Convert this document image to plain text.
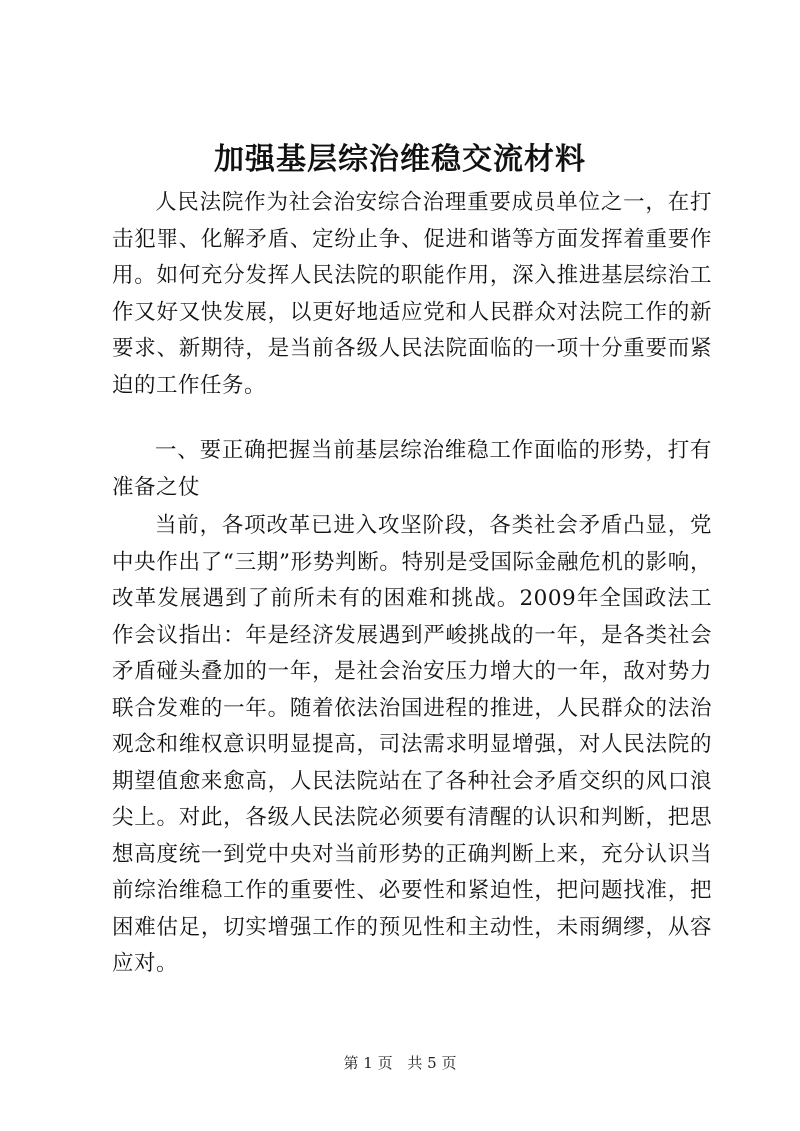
加强基层综治维稳交流材料

人民法院作为社会治安综合治理重要成员单位之一，在打击犯罪、化解矛盾、定纷止争、促进和谐等方面发挥着重要作用。如何充分发挥人民法院的职能作用，深入推进基层综治工作又好又快发展，以更好地适应党和人民群众对法院工作的新要求、新期待，是当前各级人民法院面临的一项十分重要而紧迫的工作任务。

一、要正确把握当前基层综治维稳工作面临的形势，打有准备之仗

当前，各项改革已进入攻坚阶段，各类社会矛盾凸显，党中央作出了“三期”形势判断。特别是受国际金融危机的影响，改革发展遇到了前所未有的困难和挑战。2009年全国政法工作会议指出：年是经济发展遇到严峻挑战的一年，是各类社会矛盾碰头叠加的一年，是社会治安压力增大的一年，敌对势力联合发难的一年。随着依法治国进程的推进，人民群众的法治观念和维权意识明显提高，司法需求明显增强，对人民法院的期望值愈来愈高，人民法院站在了各种社会矛盾交织的风口浪尖上。对此，各级人民法院必须要有清醒的认识和判断，把思想高度统一到党中央对当前形势的正确判断上来，充分认识当前综治维稳工作的重要性、必要性和紧迫性，把问题找准，把困难估足，切实增强工作的预见性和主动性，未雨绸缪，从容应对。

第 1 页 共 5 页
